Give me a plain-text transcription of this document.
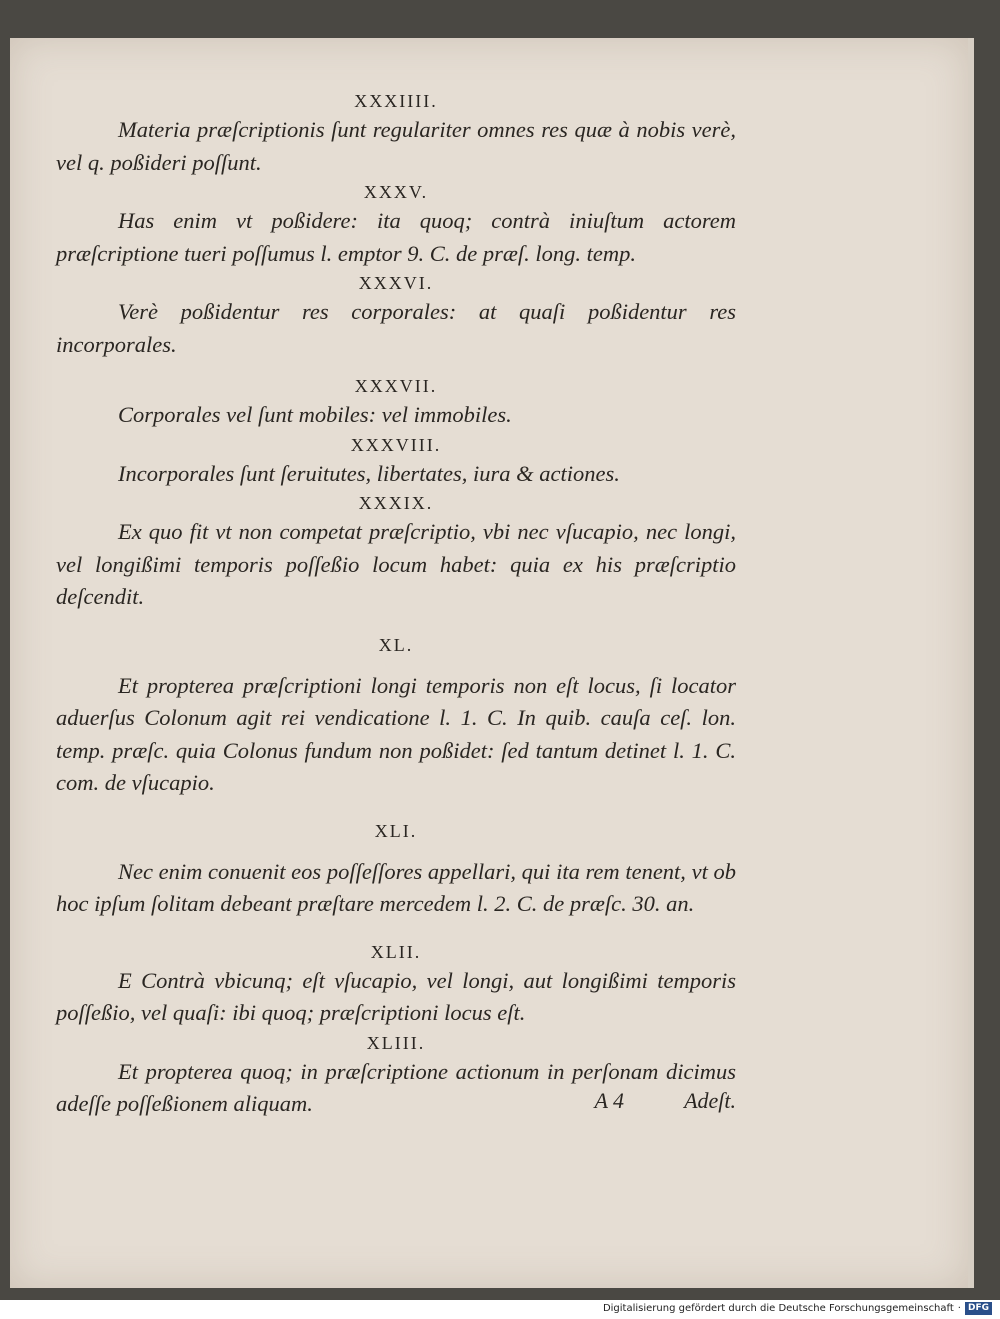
XXXIIII.
Materia præſcriptionis ſunt regulariter omnes res quæ à nobis verè, vel q. poßideri poſſunt.
XXXV.
Has enim vt poßidere: ita quoq; contrà iniuſtum actorem præſcriptione tueri poſſumus l. emptor 9. C. de præſ. long. temp.
XXXVI.
Verè poßidentur res corporales: at quaſi poßidentur res incorporales.
XXXVII.
Corporales vel ſunt mobiles: vel immobiles.
XXXVIII.
Incorporales ſunt ſeruitutes, libertates, iura & actiones.
XXXIX.
Ex quo fit vt non competat præſcriptio, vbi nec vſucapio, nec longi, vel longißimi temporis poſſeßio locum habet: quia ex his præſcriptio deſcendit.
XL.
Et propterea præſcriptioni longi temporis non eſt locus, ſi locator aduerſus Colonum agit rei vendicatione l. 1. C. In quib. cauſa ceſ. lon. temp. præſc. quia Colonus fundum non poßidet: ſed tantum detinet l. 1. C. com. de vſucapio.
XLI.
Nec enim conuenit eos poſſeſſores appellari, qui ita rem tenent, vt ob hoc ipſum ſolitam debeant præſtare mercedem l. 2. C. de præſc. 30. an.
XLII.
E Contrà vbicunq; eſt vſucapio, vel longi, aut longißimi temporis poſſeßio, vel quaſi: ibi quoq; præſcriptioni locus eſt.
XLIII.
Et propterea quoq; in præſcriptione actionum in perſonam dicimus adeſſe poſſeßionem aliquam.	A 4	Adeſt.
Digitalisierung gefördert durch die Deutsche Forschungsgemeinschaft · DFG
